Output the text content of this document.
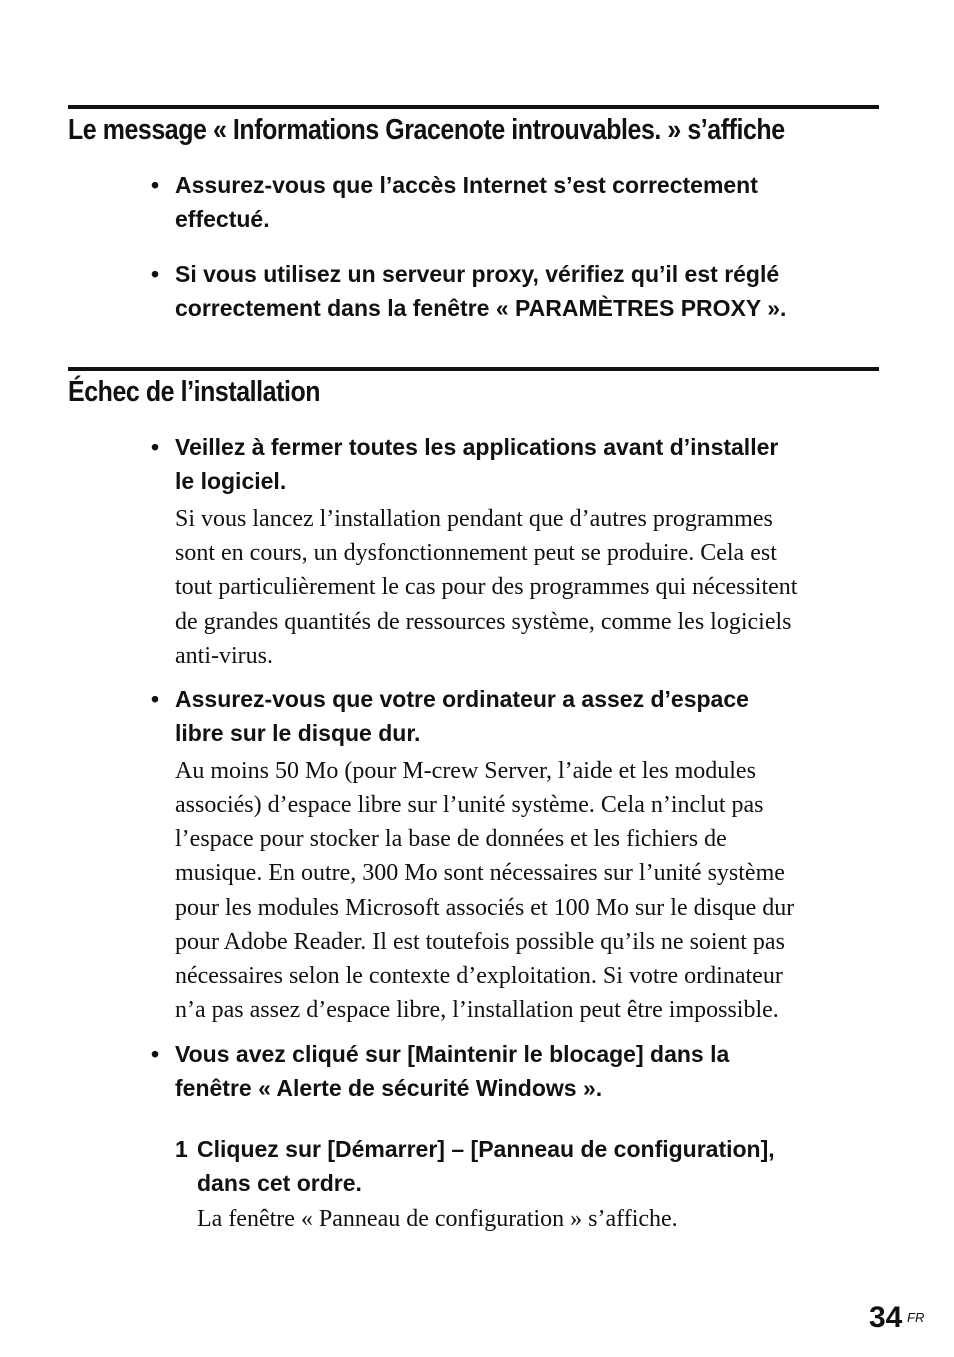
Le message « Informations Gracenote introuvables. » s’affiche
• Assurez-vous que l’accès Internet s’est correctement
effectué.
• Si vous utilisez un serveur proxy, vérifiez qu’il est réglé
correctement dans la fenêtre « PARAMÈTRES PROXY ».
Échec de l’installation
• Veillez à fermer toutes les applications avant d’installer
le logiciel.
Si vous lancez l’installation pendant que d’autres programmes
sont en cours, un dysfonctionnement peut se produire. Cela est
tout particulièrement le cas pour des programmes qui nécessitent
de grandes quantités de ressources système, comme les logiciels
anti-virus.
• Assurez-vous que votre ordinateur a assez d’espace
libre sur le disque dur.
Au moins 50 Mo (pour M-crew Server, l’aide et les modules
associés) d’espace libre sur l’unité système. Cela n’inclut pas
l’espace pour stocker la base de données et les fichiers de
musique. En outre, 300 Mo sont nécessaires sur l’unité système
pour les modules Microsoft associés et 100 Mo sur le disque dur
pour Adobe Reader. Il est toutefois possible qu’ils ne soient pas
nécessaires selon le contexte d’exploitation. Si votre ordinateur
n’a pas assez d’espace libre, l’installation peut être impossible.
• Vous avez cliqué sur [Maintenir le blocage] dans la
fenêtre « Alerte de sécurité Windows ».
1 Cliquez sur [Démarrer] – [Panneau de configuration],
dans cet ordre.
La fenêtre « Panneau de configuration » s’affiche.
34 FR
